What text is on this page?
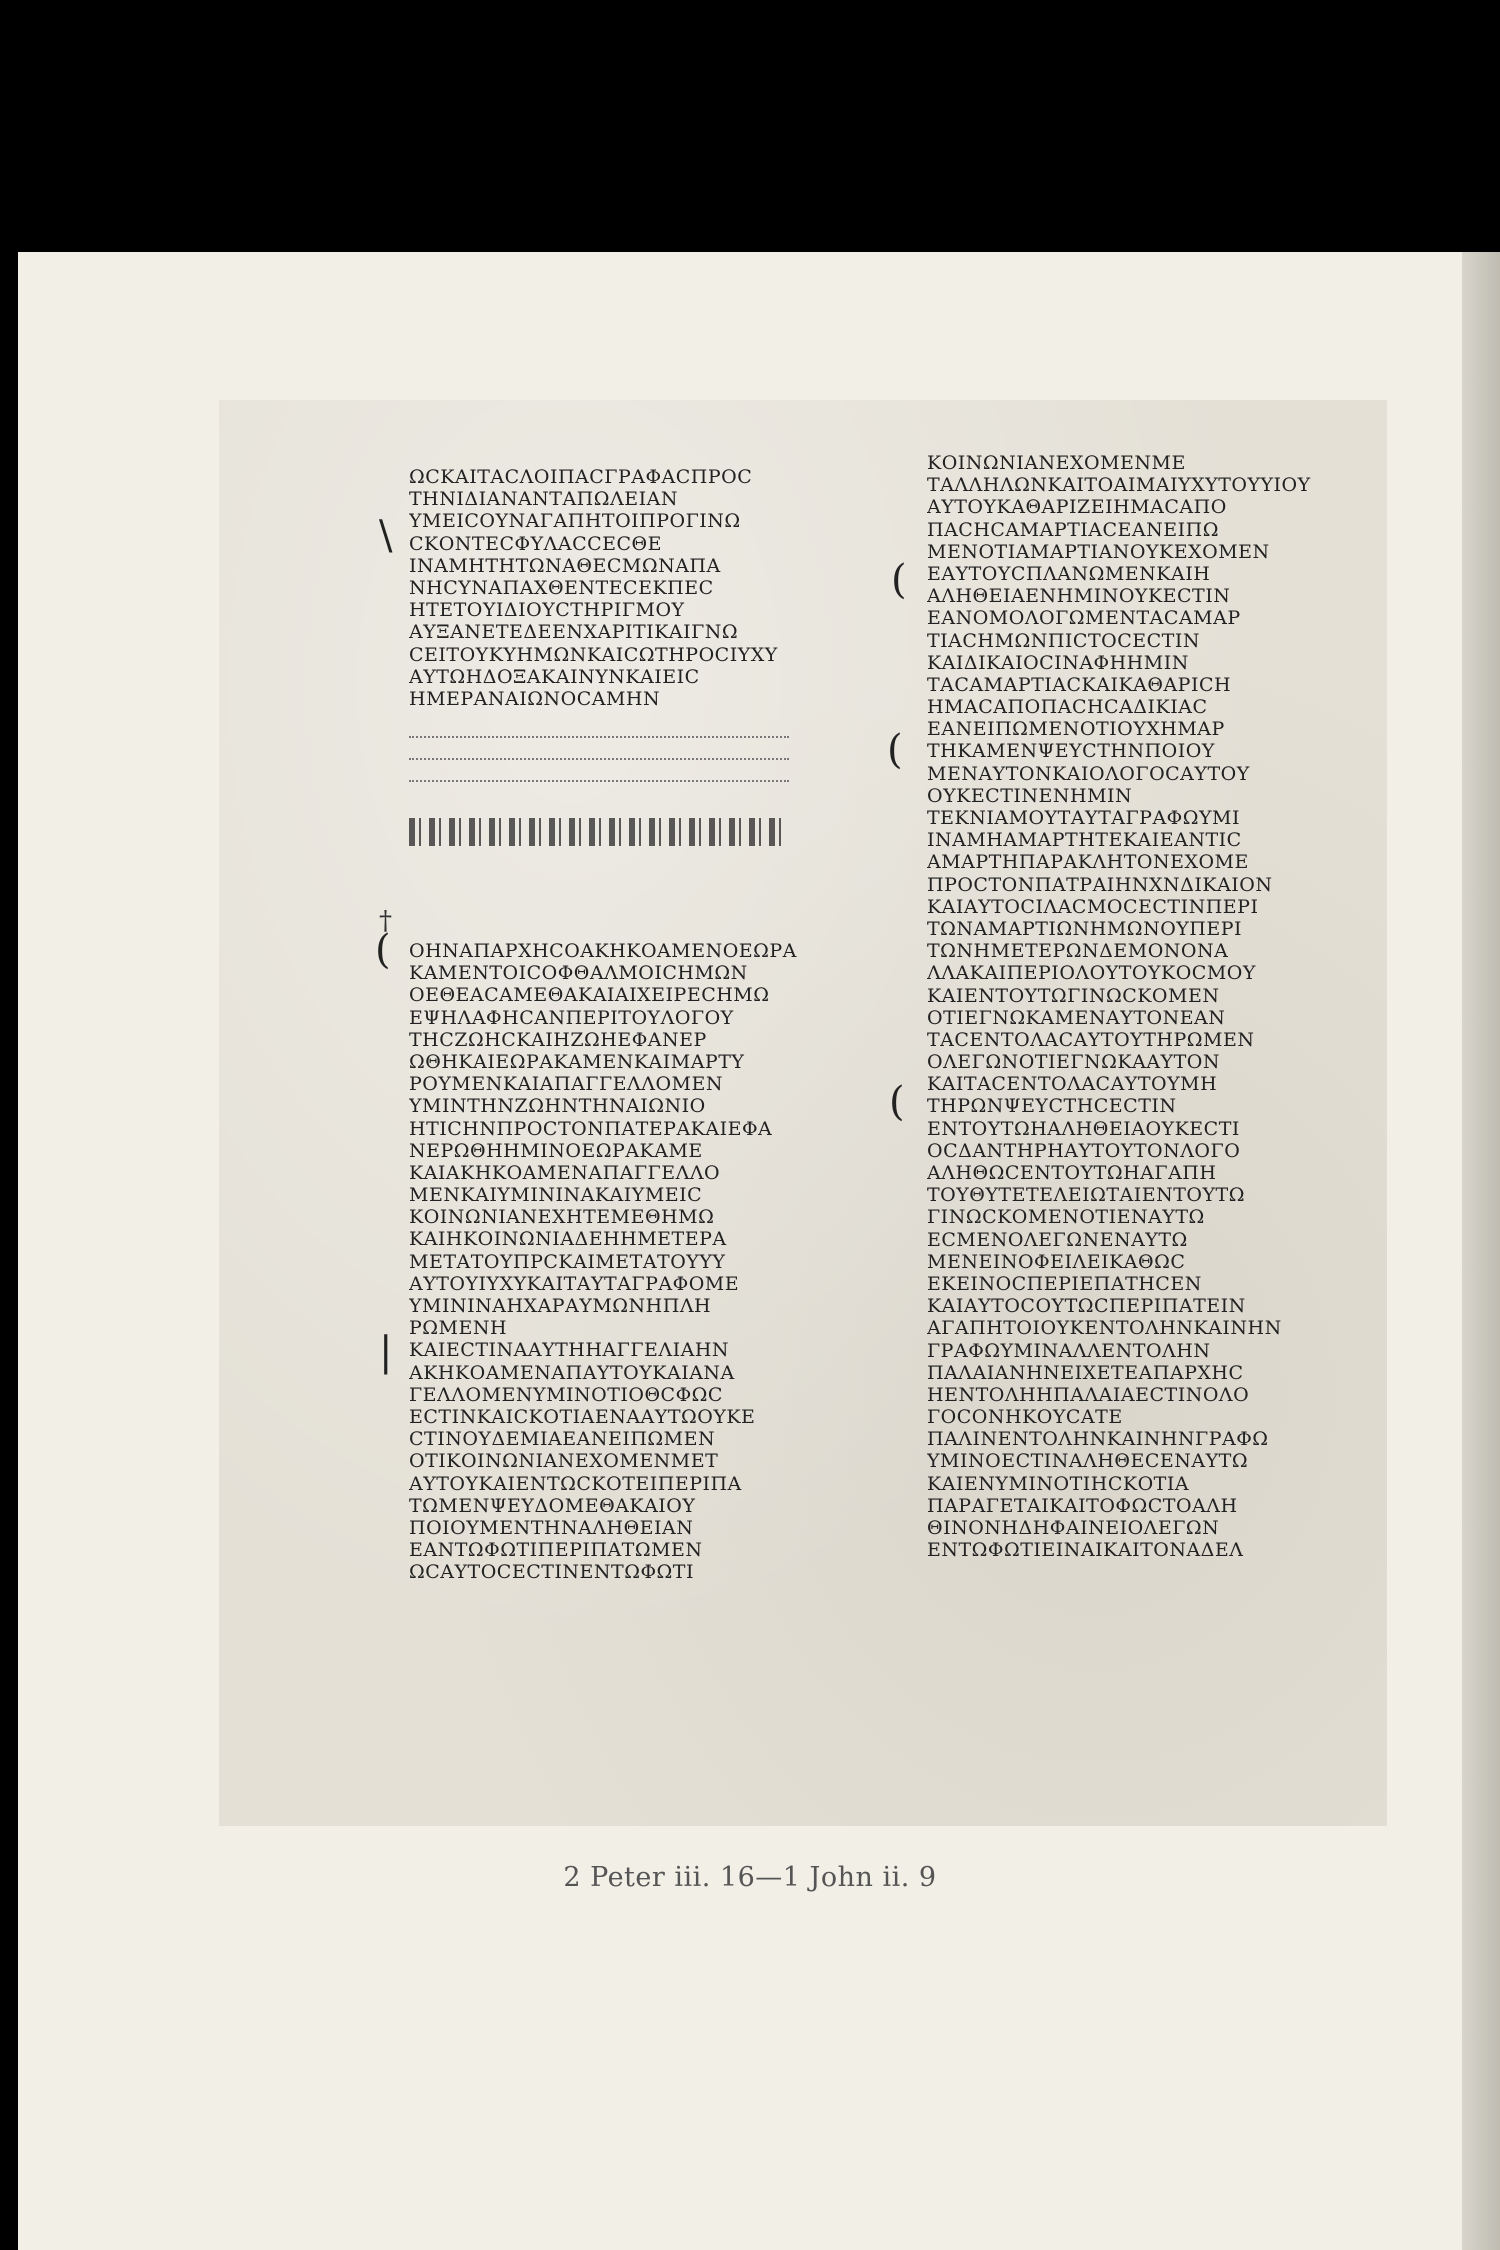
ΩϹΚΑΙΤΑϹΛΟΙΠΑϹΓΡΑΦΑϹΠΡΟϹ
ΤΗΝΙΔΙΑΝΑΝΤΑΠΩΛΕΙΑΝ
ΥΜΕΙϹΟΥΝΑΓΑΠΗΤΟΙΠΡΟΓΙΝΩ
ϹΚΟΝΤΕϹΦΥΛΑϹϹΕϹΘΕ
ΙΝΑΜΗΤΗΤΩΝΑΘΕϹΜΩΝΑΠΑ
ΝΗϹΥΝΑΠΑΧΘΕΝΤΕϹΕΚΠΕϹ
ΗΤΕΤΟΥΙΔΙΟΥϹΤΗΡΙΓΜΟΥ
ΑΥΞΑΝΕΤΕΔΕΕΝΧΑΡΙΤΙΚΑΙΓΝΩ
ϹΕΙΤΟΥΚΥΗΜΩΝΚΑΙϹΩΤΗΡΟϹΙΥΧΥ
ΑΥΤΩΗΔΟΞΑΚΑΙΝΥΝΚΑΙΕΙϹ
ΗΜΕΡΑΝΑΙΩΝΟϹΑΜΗΝ
†
(
|
\
ΟΗΝΑΠΑΡΧΗϹΟΑΚΗΚΟΑΜΕΝΟΕΩΡΑ
ΚΑΜΕΝΤΟΙϹΟΦΘΑΛΜΟΙϹΗΜΩΝ
ΟΕΘΕΑϹΑΜΕΘΑΚΑΙΑΙΧΕΙΡΕϹΗΜΩ
ΕΨΗΛΑΦΗϹΑΝΠΕΡΙΤΟΥΛΟΓΟΥ
ΤΗϹΖΩΗϹΚΑΙΗΖΩΗΕΦΑΝΕΡ
ΩΘΗΚΑΙΕΩΡΑΚΑΜΕΝΚΑΙΜΑΡΤΥ
ΡΟΥΜΕΝΚΑΙΑΠΑΓΓΕΛΛΟΜΕΝ
ΥΜΙΝΤΗΝΖΩΗΝΤΗΝΑΙΩΝΙΟ
ΗΤΙϹΗΝΠΡΟϹΤΟΝΠΑΤΕΡΑΚΑΙΕΦΑ
ΝΕΡΩΘΗΗΜΙΝΟΕΩΡΑΚΑΜΕ
ΚΑΙΑΚΗΚΟΑΜΕΝΑΠΑΓΓΕΛΛΟ
ΜΕΝΚΑΙΥΜΙΝΙΝΑΚΑΙΥΜΕΙϹ
ΚΟΙΝΩΝΙΑΝΕΧΗΤΕΜΕΘΗΜΩ
ΚΑΙΗΚΟΙΝΩΝΙΑΔΕΗΗΜΕΤΕΡΑ
ΜΕΤΑΤΟΥΠΡϹΚΑΙΜΕΤΑΤΟΥΥΥ
ΑΥΤΟΥΙΥΧΥΚΑΙΤΑΥΤΑΓΡΑΦΟΜΕ
ΥΜΙΝΙΝΑΗΧΑΡΑΥΜΩΝΗΠΛΗ
ΡΩΜΕΝΗ
ΚΑΙΕϹΤΙΝΑΑΥΤΗΗΑΓΓΕΛΙΑΗΝ
ΑΚΗΚΟΑΜΕΝΑΠΑΥΤΟΥΚΑΙΑΝΑ
ΓΕΛΛΟΜΕΝΥΜΙΝΟΤΙΟΘϹΦΩϹ
ΕϹΤΙΝΚΑΙϹΚΟΤΙΑΕΝΑΑΥΤΩΟΥΚΕ
ϹΤΙΝΟΥΔΕΜΙΑΕΑΝΕΙΠΩΜΕΝ
ΟΤΙΚΟΙΝΩΝΙΑΝΕΧΟΜΕΝΜΕΤ
ΑΥΤΟΥΚΑΙΕΝΤΩϹΚΟΤΕΙΠΕΡΙΠΑ
ΤΩΜΕΝΨΕΥΔΟΜΕΘΑΚΑΙΟΥ
ΠΟΙΟΥΜΕΝΤΗΝΑΛΗΘΕΙΑΝ
ΕΑΝΤΩΦΩΤΙΠΕΡΙΠΑΤΩΜΕΝ
ΩϹΑΥΤΟϹΕϹΤΙΝΕΝΤΩΦΩΤΙ
(
(
(
ΚΟΙΝΩΝΙΑΝΕΧΟΜΕΝΜΕ
ΤΑΛΛΗΛΩΝΚΑΙΤΟΑΙΜΑΙΥΧΥΤΟΥΥΙΟΥ
ΑΥΤΟΥΚΑΘΑΡΙΖΕΙΗΜΑϹΑΠΟ
ΠΑϹΗϹΑΜΑΡΤΙΑϹΕΑΝΕΙΠΩ
ΜΕΝΟΤΙΑΜΑΡΤΙΑΝΟΥΚΕΧΟΜΕΝ
ΕΑΥΤΟΥϹΠΛΑΝΩΜΕΝΚΑΙΗ
ΑΛΗΘΕΙΑΕΝΗΜΙΝΟΥΚΕϹΤΙΝ
ΕΑΝΟΜΟΛΟΓΩΜΕΝΤΑϹΑΜΑΡ
ΤΙΑϹΗΜΩΝΠΙϹΤΟϹΕϹΤΙΝ
ΚΑΙΔΙΚΑΙΟϹΙΝΑΦΗΗΜΙΝ
ΤΑϹΑΜΑΡΤΙΑϹΚΑΙΚΑΘΑΡΙϹΗ
ΗΜΑϹΑΠΟΠΑϹΗϹΑΔΙΚΙΑϹ
ΕΑΝΕΙΠΩΜΕΝΟΤΙΟΥΧΗΜΑΡ
ΤΗΚΑΜΕΝΨΕΥϹΤΗΝΠΟΙΟΥ
ΜΕΝΑΥΤΟΝΚΑΙΟΛΟΓΟϹΑΥΤΟΥ
ΟΥΚΕϹΤΙΝΕΝΗΜΙΝ
ΤΕΚΝΙΑΜΟΥΤΑΥΤΑΓΡΑΦΩΥΜΙ
ΙΝΑΜΗΑΜΑΡΤΗΤΕΚΑΙΕΑΝΤΙϹ
ΑΜΑΡΤΗΠΑΡΑΚΛΗΤΟΝΕΧΟΜΕ
ΠΡΟϹΤΟΝΠΑΤΡΑΙΗΝΧΝΔΙΚΑΙΟΝ
ΚΑΙΑΥΤΟϹΙΛΑϹΜΟϹΕϹΤΙΝΠΕΡΙ
ΤΩΝΑΜΑΡΤΙΩΝΗΜΩΝΟΥΠΕΡΙ
ΤΩΝΗΜΕΤΕΡΩΝΔΕΜΟΝΟΝΑ
ΛΛΑΚΑΙΠΕΡΙΟΛΟΥΤΟΥΚΟϹΜΟΥ
ΚΑΙΕΝΤΟΥΤΩΓΙΝΩϹΚΟΜΕΝ
ΟΤΙΕΓΝΩΚΑΜΕΝΑΥΤΟΝΕΑΝ
ΤΑϹΕΝΤΟΛΑϹΑΥΤΟΥΤΗΡΩΜΕΝ
ΟΛΕΓΩΝΟΤΙΕΓΝΩΚΑΑΥΤΟΝ
ΚΑΙΤΑϹΕΝΤΟΛΑϹΑΥΤΟΥΜΗ
ΤΗΡΩΝΨΕΥϹΤΗϹΕϹΤΙΝ
ΕΝΤΟΥΤΩΗΑΛΗΘΕΙΑΟΥΚΕϹΤΙ
ΟϹΔΑΝΤΗΡΗΑΥΤΟΥΤΟΝΛΟΓΟ
ΑΛΗΘΩϹΕΝΤΟΥΤΩΗΑΓΑΠΗ
ΤΟΥΘΥΤΕΤΕΛΕΙΩΤΑΙΕΝΤΟΥΤΩ
ΓΙΝΩϹΚΟΜΕΝΟΤΙΕΝΑΥΤΩ
ΕϹΜΕΝΟΛΕΓΩΝΕΝΑΥΤΩ
ΜΕΝΕΙΝΟΦΕΙΛΕΙΚΑΘΩϹ
ΕΚΕΙΝΟϹΠΕΡΙΕΠΑΤΗϹΕΝ
ΚΑΙΑΥΤΟϹΟΥΤΩϹΠΕΡΙΠΑΤΕΙΝ
ΑΓΑΠΗΤΟΙΟΥΚΕΝΤΟΛΗΝΚΑΙΝΗΝ
ΓΡΑΦΩΥΜΙΝΑΛΛΕΝΤΟΛΗΝ
ΠΑΛΑΙΑΝΗΝΕΙΧΕΤΕΑΠΑΡΧΗϹ
ΗΕΝΤΟΛΗΗΠΑΛΑΙΑΕϹΤΙΝΟΛΟ
ΓΟϹΟΝΗΚΟΥϹΑΤΕ
ΠΑΛΙΝΕΝΤΟΛΗΝΚΑΙΝΗΝΓΡΑΦΩ
ΥΜΙΝΟΕϹΤΙΝΑΛΗΘΕϹΕΝΑΥΤΩ
ΚΑΙΕΝΥΜΙΝΟΤΙΗϹΚΟΤΙΑ
ΠΑΡΑΓΕΤΑΙΚΑΙΤΟΦΩϹΤΟΑΛΗ
ΘΙΝΟΝΗΔΗΦΑΙΝΕΙΟΛΕΓΩΝ
ΕΝΤΩΦΩΤΙΕΙΝΑΙΚΑΙΤΟΝΑΔΕΛ
2 Peter iii. 16—1 John ii. 9
